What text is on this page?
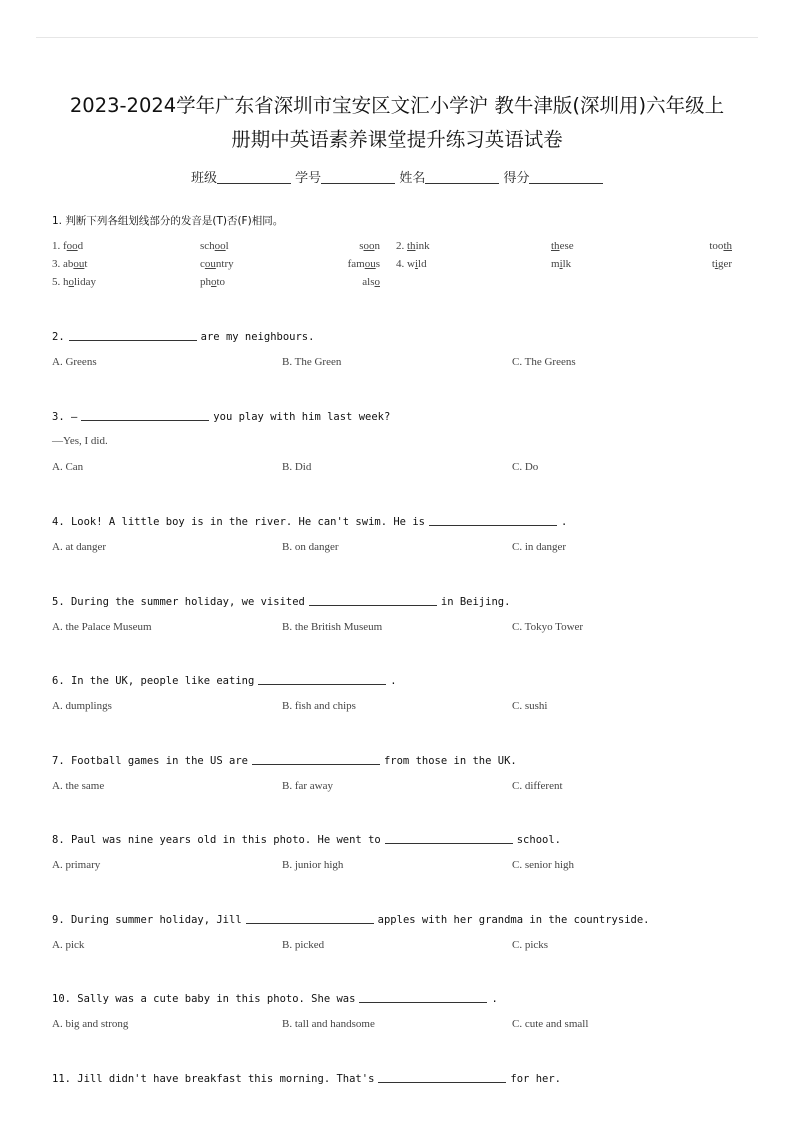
2023-2024学年广东省深圳市宝安区文汇小学沪 教牛津版(深圳用)六年级上
册期中英语素养课堂提升练习英语试卷
班级	学号	姓名	得分
1. 判断下列各组划线部分的发音是(T)否(F)相同。
1. food	school	soon 2. think	these	tooth
3. about	country	famous 4. wild	milk	tiger
5. holiday	photo	also
2.	are my neighbours.
A. Greens	B. The Green	C. The Greens
3. —	you play with him last week?
—Yes, I did.
A. Can	B. Did	C. Do
4. Look! A little boy is in the river. He can't swim. He is	.
A. at danger	B. on danger	C. in danger
5. During the summer holiday, we visited	in Beijing.
A. the Palace Museum	B. the British Museum	C. Tokyo Tower
6. In the UK, people like eating	.
A. dumplings	B. fish and chips	C. sushi
7. Football games in the US are	from those in the UK.
A. the same	B. far away	C. different
8. Paul was nine years old in this photo. He went to	school.
A. primary	B. junior high	C. senior high
9. During summer holiday, Jill	apples with her grandma in the countryside.
A. pick	B. picked	C. picks
10. Sally was a cute baby in this photo. She was	.
A. big and strong	B. tall and handsome	C. cute and small
11. Jill didn't have breakfast this morning. That's	for her.
